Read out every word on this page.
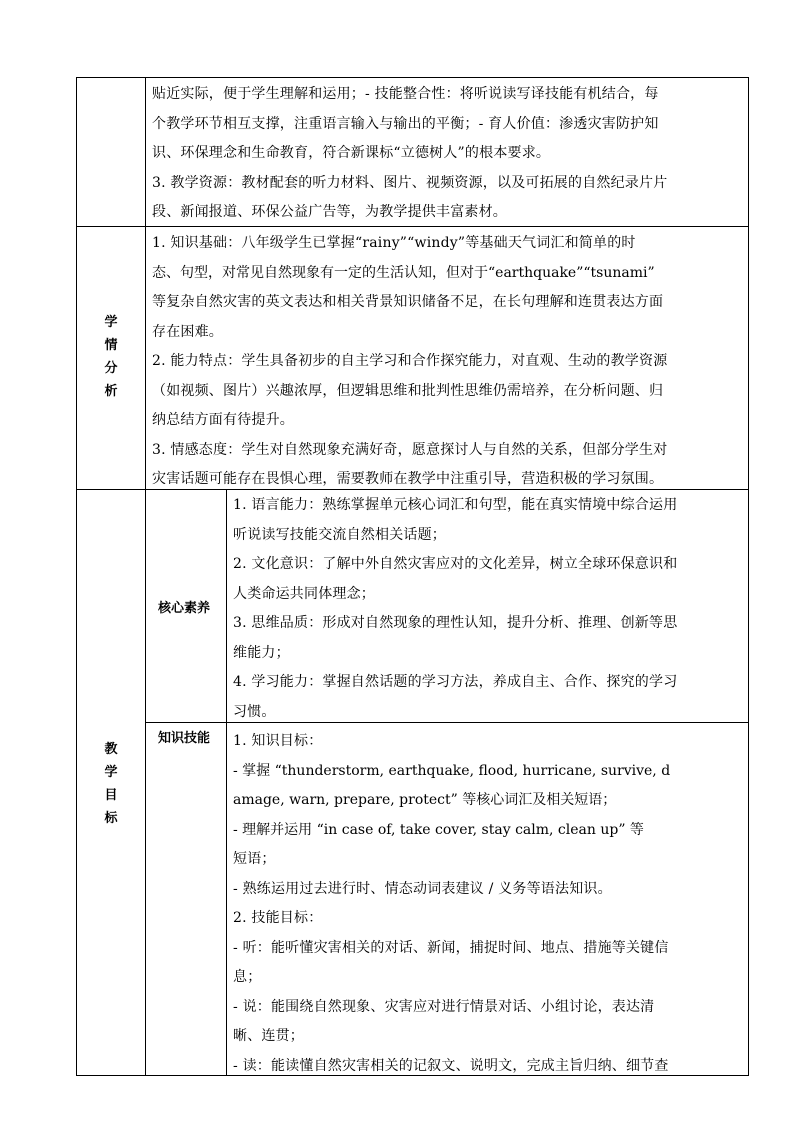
贴近实际，便于学生理解和运用；- 技能整合性：将听说读写译技能有机结合，每

个教学环节相互支撑，注重语言输入与输出的平衡；- 育人价值：渗透灾害防护知

识、环保理念和生命教育，符合新课标“立德树人”的根本要求。

3. 教学资源：教材配套的听力材料、图片、视频资源，以及可拓展的自然纪录片片

段、新闻报道、环保公益广告等，为教学提供丰富素材。

学
情
分
析

1. 知识基础：八年级学生已掌握“rainy”“windy”等基础天气词汇和简单的时

态、句型，对常见自然现象有一定的生活认知，但对于“earthquake”“tsunami”

等复杂自然灾害的英文表达和相关背景知识储备不足，在长句理解和连贯表达方面

存在困难。

2. 能力特点：学生具备初步的自主学习和合作探究能力，对直观、生动的教学资源

（如视频、图片）兴趣浓厚，但逻辑思维和批判性思维仍需培养，在分析问题、归

纳总结方面有待提升。

3. 情感态度：学生对自然现象充满好奇，愿意探讨人与自然的关系，但部分学生对

灾害话题可能存在畏惧心理，需要教师在教学中注重引导，营造积极的学习氛围。

教
学
目
标
核心素养

1. 语言能力：熟练掌握单元核心词汇和句型，能在真实情境中综合运用

听说读写技能交流自然相关话题；

2. 文化意识：了解中外自然灾害应对的文化差异，树立全球环保意识和

人类命运共同体理念；

3. 思维品质：形成对自然现象的理性认知，提升分析、推理、创新等思

维能力；

4. 学习能力：掌握自然话题的学习方法，养成自主、合作、探究的学习

习惯。

知识技能 1. 知识目标：

- 掌握 “thunderstorm, earthquake, flood, hurricane, survive, d

amage, warn, prepare, protect” 等核心词汇及相关短语；

- 理解并运用 “in case of, take cover, stay calm, clean up” 等

短语；

- 熟练运用过去进行时、情态动词表建议 / 义务等语法知识。

2. 技能目标：

- 听：能听懂灾害相关的对话、新闻，捕捉时间、地点、措施等关键信

息；

- 说：能围绕自然现象、灾害应对进行情景对话、小组讨论，表达清

晰、连贯；

- 读：能读懂自然灾害相关的记叙文、说明文，完成主旨归纳、细节查
